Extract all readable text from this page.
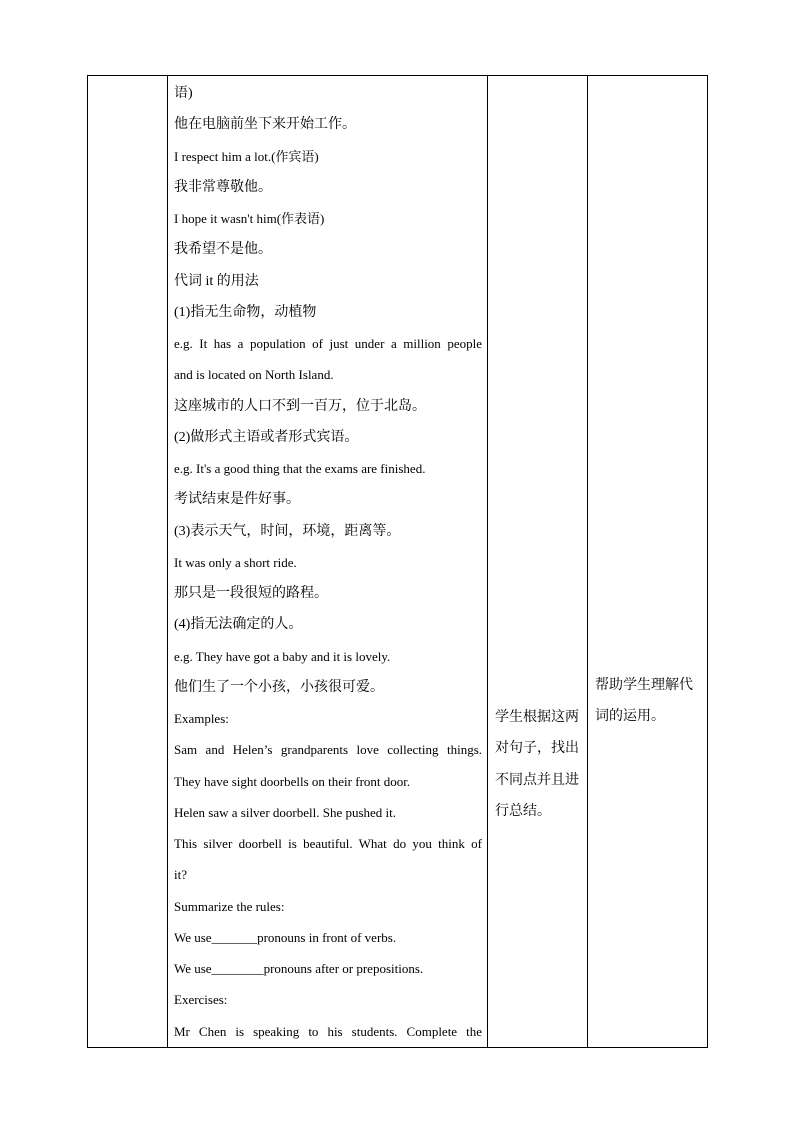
语)
他在电脑前坐下来开始工作。
I respect him a lot.(作宾语)
我非常尊敬他。
I hope it wasn't him(作表语)
我希望不是他。
代词 it 的用法
(1)指无生命物，动植物
e.g. It has a population of just under a million people
and is located on North Island.
这座城市的人口不到一百万，位于北岛。
(2)做形式主语或者形式宾语。
e.g. It's a good thing that the exams are finished.
考试结束是件好事。
(3)表示天气，时间，环境，距离等。
It was only a short ride.
那只是一段很短的路程。
(4)指无法确定的人。
e.g. They have got a baby and it is lovely.
他们生了一个小孩，小孩很可爱。
Examples:
Sam and Helen’s grandparents love collecting things.
They have sight doorbells on their front door.
Helen saw a silver doorbell. She pushed it.
This silver doorbell is beautiful. What do you think of
it?
Summarize the rules:
We use_______pronouns in front of verbs.
We use________pronouns after or prepositions.
Exercises:
Mr Chen is speaking to his students. Complete the

学生根据这两
对句子，找出
不同点并且进
行总结。

帮助学生理解代
词的运用。
